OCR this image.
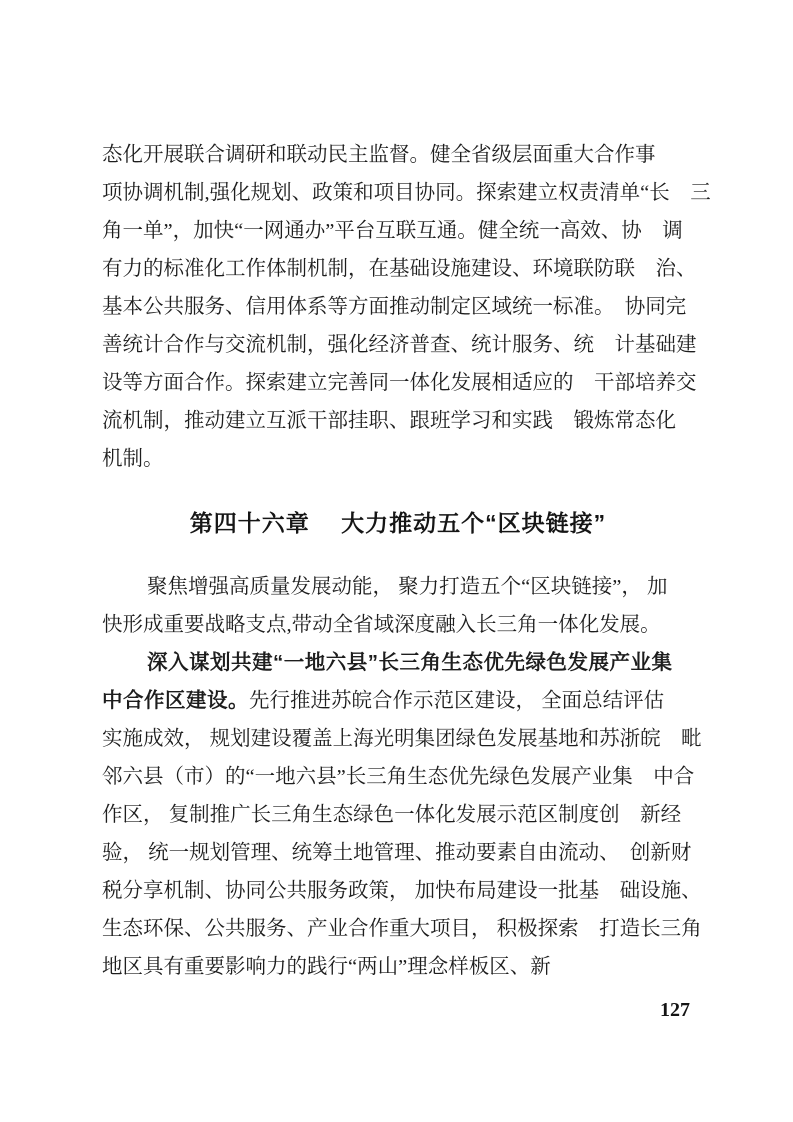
态化开展联合调研和联动民主监督。健全省级层面重大合作事
项协调机制,强化规划、政策和项目协同。探索建立权责清单“长　三
角一单”，加快“一网通办”平台互联互通。健全统一高效、协　调
有力的标准化工作体制机制，在基础设施建设、环境联防联　治、
基本公共服务、信用体系等方面推动制定区域统一标准。　协同完
善统计合作与交流机制，强化经济普查、统计服务、统　计基础建
设等方面合作。探索建立完善同一体化发展相适应的　干部培养交
流机制，推动建立互派干部挂职、跟班学习和实践　锻炼常态化
机制。
第四十六章　 大力推动五个“区块链接”
聚焦增强高质量发展动能， 聚力打造五个“区块链接”， 加
快形成重要战略支点,带动全省域深度融入长三角一体化发展。
深入谋划共建“一地六县”长三角生态优先绿色发展产业集
中合作区建设。先行推进苏皖合作示范区建设， 全面总结评估
实施成效， 规划建设覆盖上海光明集团绿色发展基地和苏浙皖　毗
邻六县（市）的“一地六县”长三角生态优先绿色发展产业集　中合
作区， 复制推广长三角生态绿色一体化发展示范区制度创　新经
验， 统一规划管理、统筹土地管理、推动要素自由流动、　创新财
税分享机制、协同公共服务政策， 加快布局建设一批基　础设施、
生态环保、公共服务、产业合作重大项目， 积极探索　打造长三角
地区具有重要影响力的践行“两山”理念样板区、新
127
